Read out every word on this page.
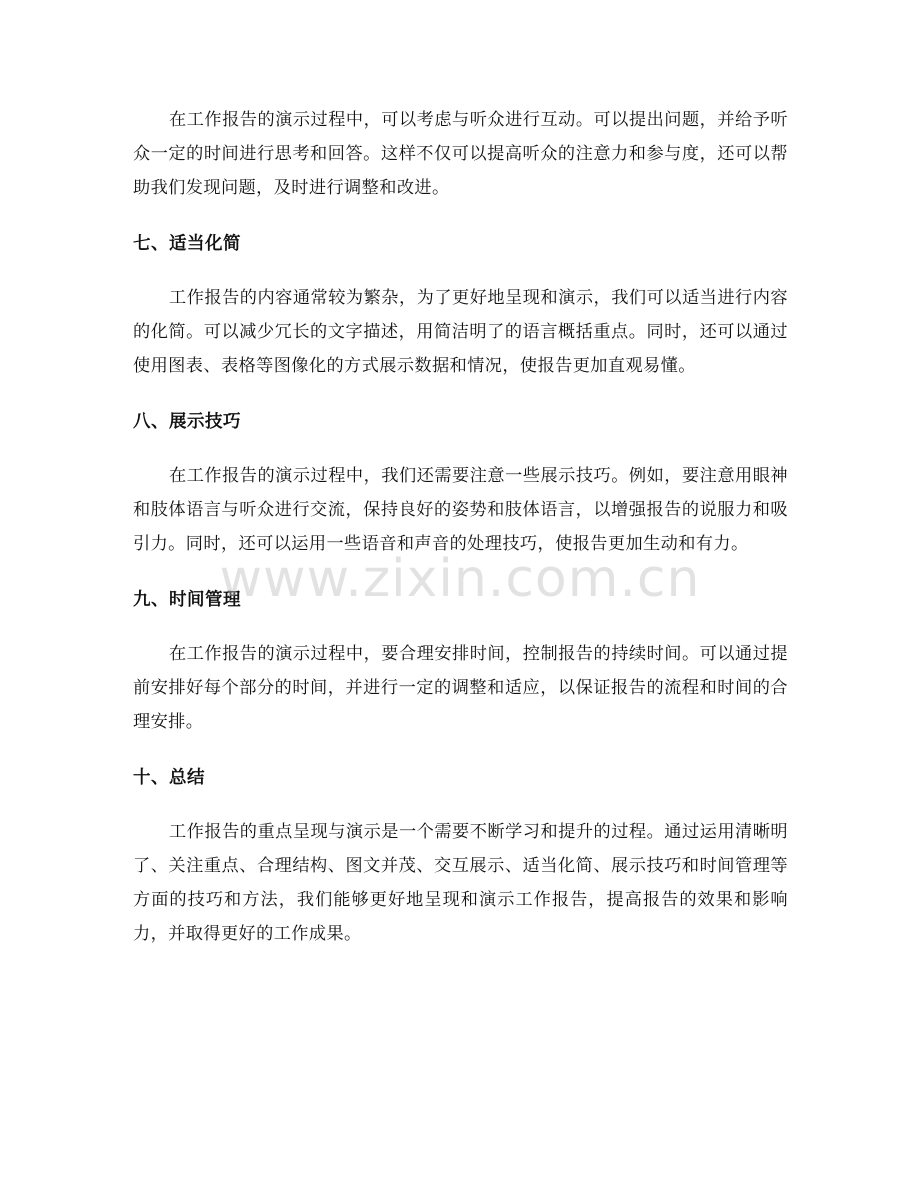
在工作报告的演示过程中，可以考虑与听众进行互动。可以提出问题，并给予听众一定的时间进行思考和回答。这样不仅可以提高听众的注意力和参与度，还可以帮助我们发现问题，及时进行调整和改进。

七、适当化简

工作报告的内容通常较为繁杂，为了更好地呈现和演示，我们可以适当进行内容的化简。可以减少冗长的文字描述，用简洁明了的语言概括重点。同时，还可以通过使用图表、表格等图像化的方式展示数据和情况，使报告更加直观易懂。

八、展示技巧

在工作报告的演示过程中，我们还需要注意一些展示技巧。例如，要注意用眼神和肢体语言与听众进行交流，保持良好的姿势和肢体语言，以增强报告的说服力和吸引力。同时，还可以运用一些语音和声音的处理技巧，使报告更加生动和有力。

九、时间管理

在工作报告的演示过程中，要合理安排时间，控制报告的持续时间。可以通过提前安排好每个部分的时间，并进行一定的调整和适应，以保证报告的流程和时间的合理安排。

十、总结

工作报告的重点呈现与演示是一个需要不断学习和提升的过程。通过运用清晰明了、关注重点、合理结构、图文并茂、交互展示、适当化简、展示技巧和时间管理等方面的技巧和方法，我们能够更好地呈现和演示工作报告，提高报告的效果和影响力，并取得更好的工作成果。

www.zixin.com.cn
